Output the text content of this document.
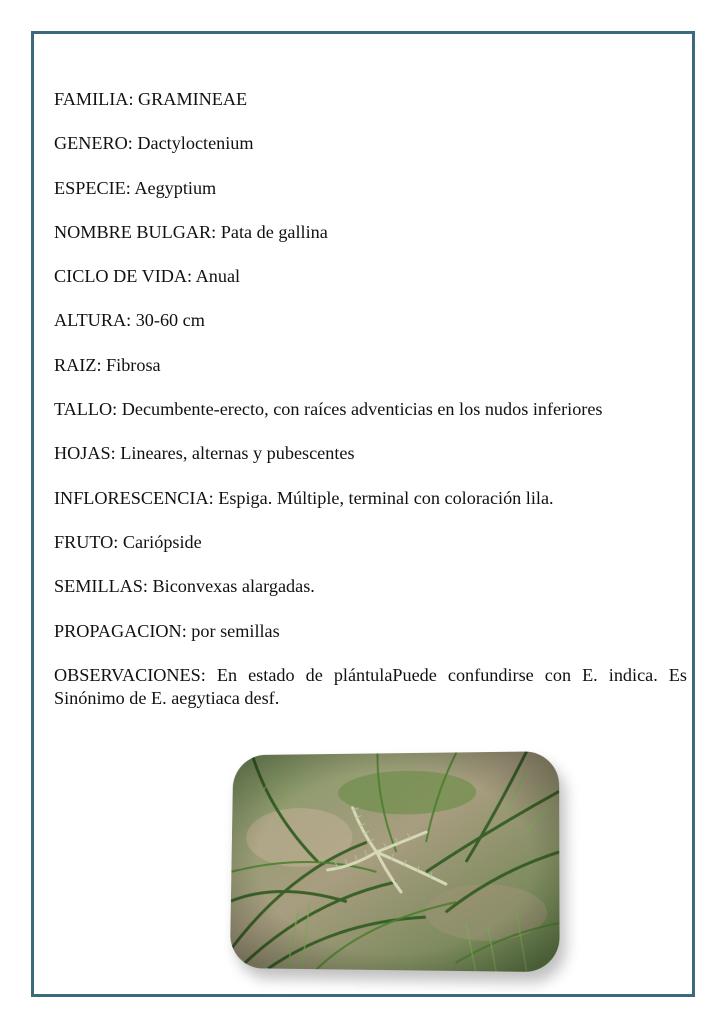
FAMILIA: GRAMINEAE

GENERO: Dactyloctenium

ESPECIE: Aegyptium

NOMBRE BULGAR: Pata de gallina

CICLO DE VIDA: Anual

ALTURA: 30-60 cm

RAIZ: Fibrosa

TALLO: Decumbente-erecto, con raíces adventicias en los nudos inferiores

HOJAS: Lineares, alternas y pubescentes

INFLORESCENCIA: Espiga. Múltiple, terminal con coloración lila.

FRUTO: Cariópside

SEMILLAS: Biconvexas alargadas.

PROPAGACION: por semillas

OBSERVACIONES: En estado de plántulaPuede confundirse con E. indica. Es Sinónimo de E. aegytiaca desf.
